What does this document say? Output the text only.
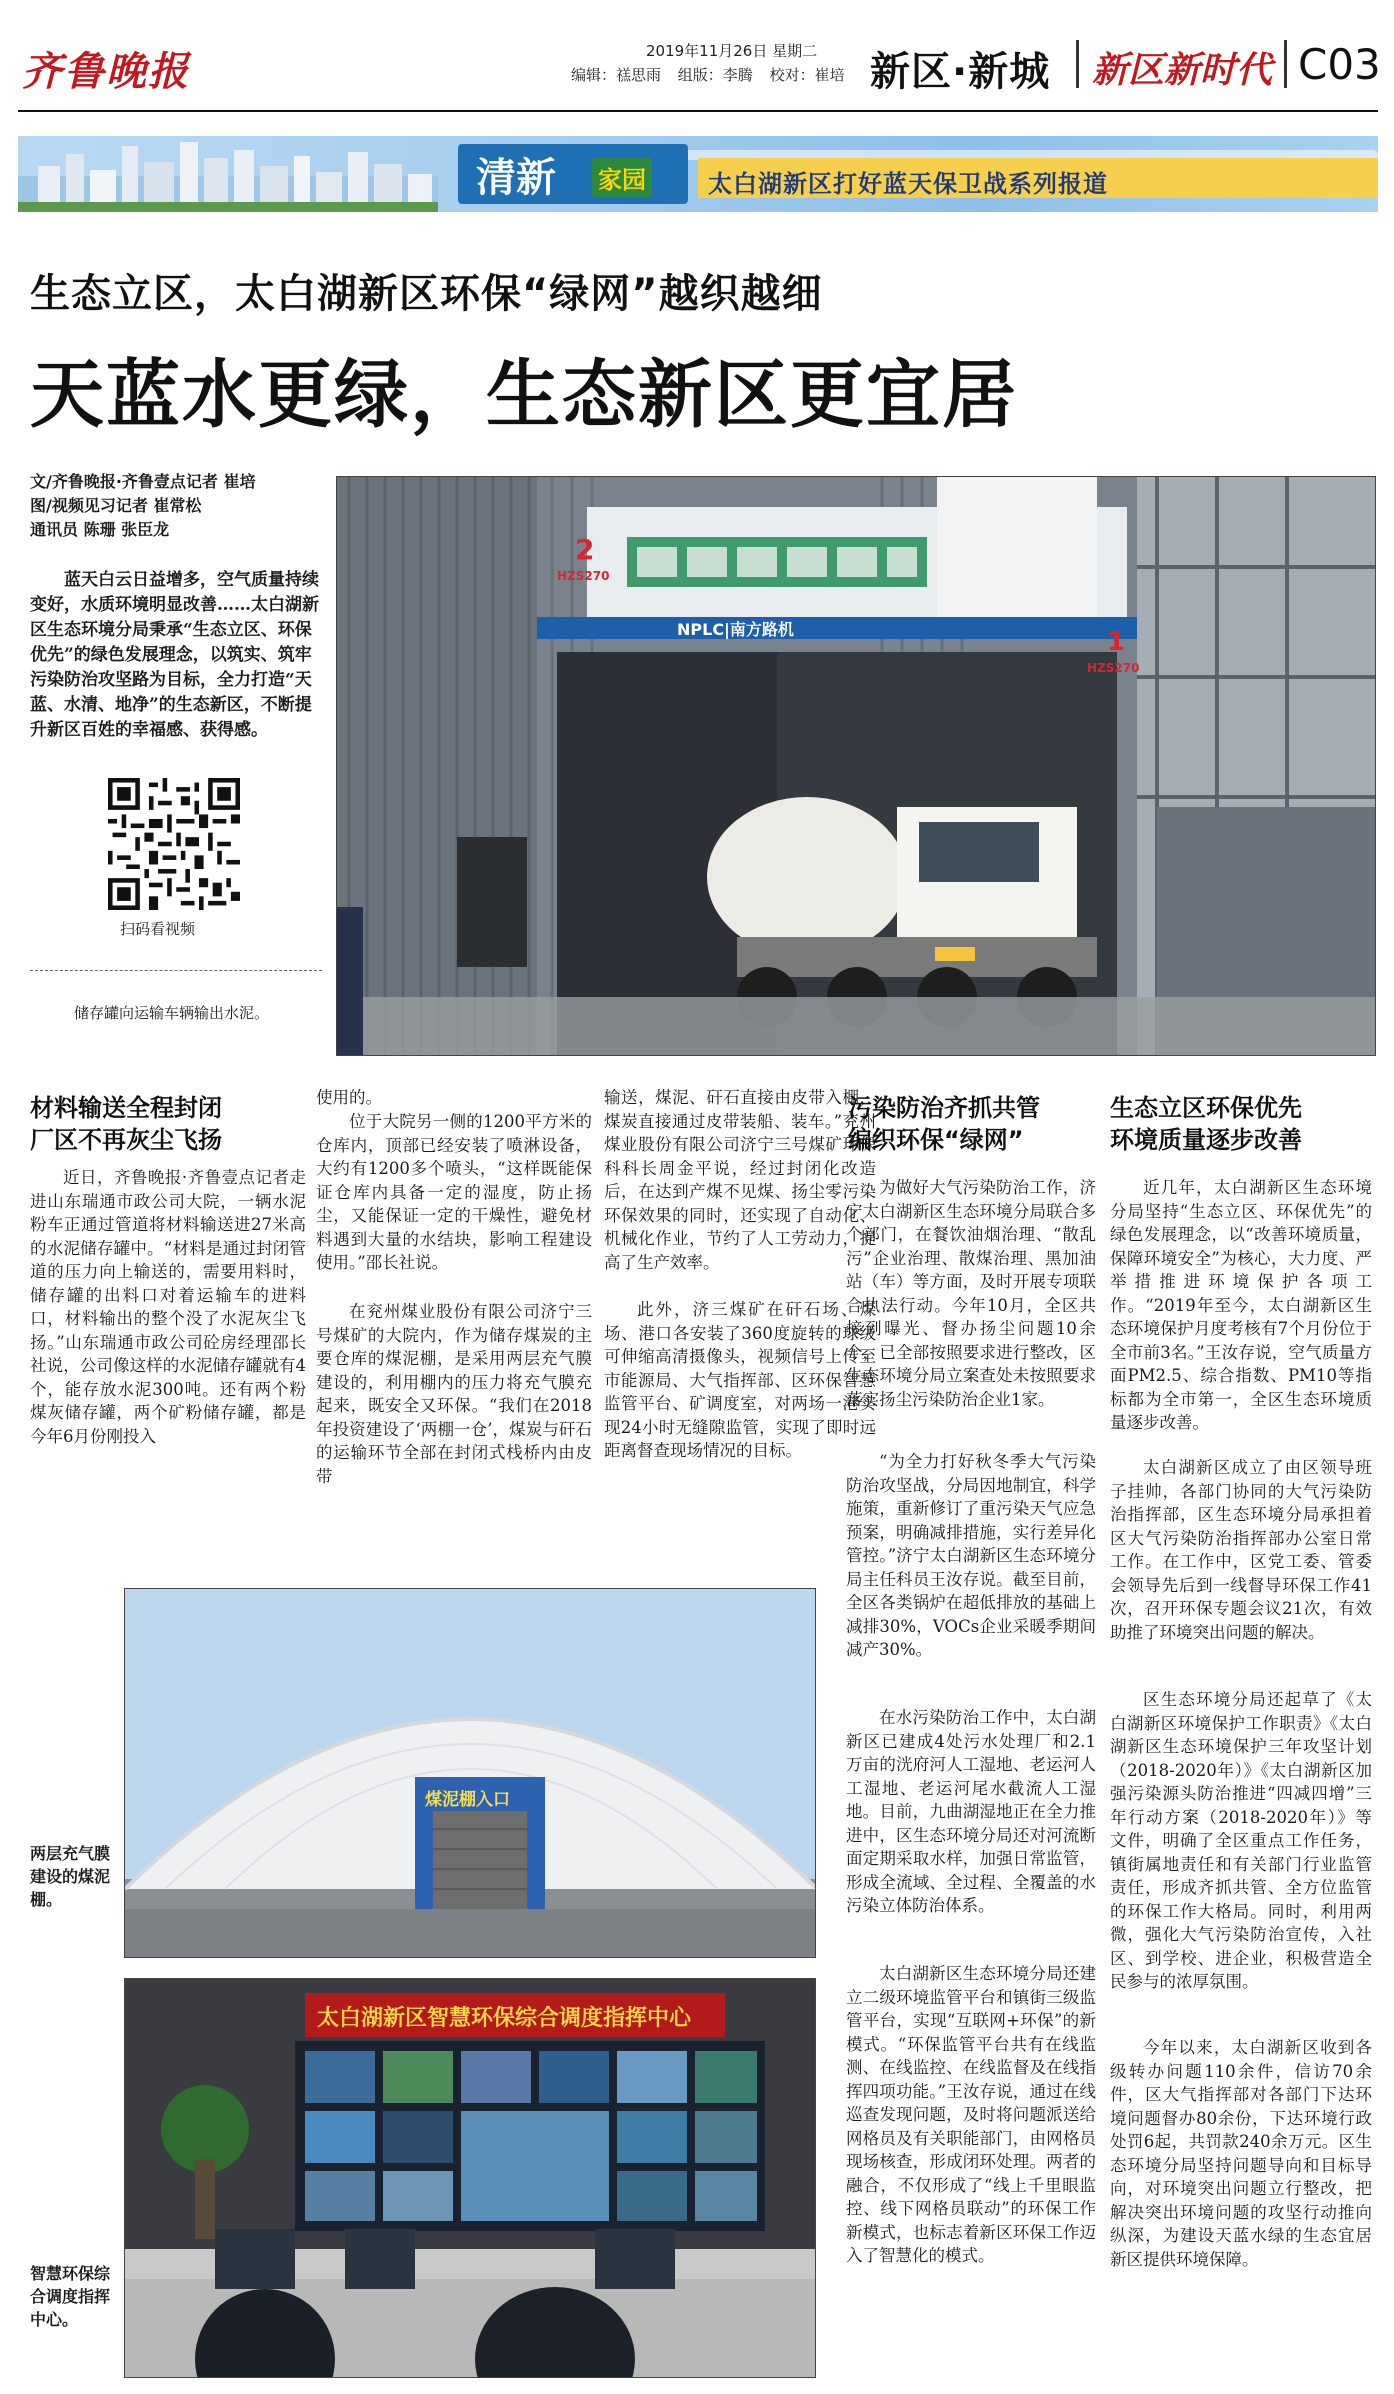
齐鲁晚报	2019年11月26日 星期二
编辑：禚思雨 组版：李腾 校对：崔培 新区·新城 新区新时代 C03
清新 家园	太白湖新区打好蓝天保卫战系列报道
生态立区，太白湖新区环保“绿网”越织越细
天蓝水更绿，生态新区更宜居
文/齐鲁晚报·齐鲁壹点记者 崔培
图/视频见习记者 崔常松
通讯员 陈珊 张臣龙
蓝天白云日益增多，空气质量持续变好，水质环境明显改善……太白湖新区生态环境分局秉承“生态立区、环保优先”的绿色发展理念，以筑实、筑牢污染防治攻坚路为目标，全力打造“天蓝、水清、地净”的生态新区，不断提升新区百姓的幸福感、获得感。
扫码看视频
储存罐向运输车辆输出水泥。
2
HZS270
1
HZS270
NPLC|南方路机
材料输送全程封闭
厂区不再灰尘飞扬
近日，齐鲁晚报·齐鲁壹点记者走进山东瑞通市政公司大院，一辆水泥粉车正通过管道将材料输送进27米高的水泥储存罐中。“材料是通过封闭管道的压力向上输送的，需要用料时，储存罐的出料口对着运输车的进料口，材料输出的整个没了水泥灰尘飞扬。”山东瑞通市政公司砼房经理邵长社说，公司像这样的水泥储存罐就有4个，能存放水泥300吨。还有两个粉煤灰储存罐，两个矿粉储存罐，都是今年6月份刚投入
使用的。
位于大院另一侧的1200平方米的仓库内，顶部已经安装了喷淋设备，大约有1200多个喷头，“这样既能保证仓库内具备一定的湿度，防止扬尘，又能保证一定的干燥性，避免材料遇到大量的水结块，影响工程建设使用。”邵长社说。
在兖州煤业股份有限公司济宁三号煤矿的大院内，作为储存煤炭的主要仓库的煤泥棚，是采用两层充气膜建设的，利用棚内的压力将充气膜充起来，既安全又环保。“我们在2018年投资建设了‘两棚一仓’，煤炭与矸石的运输环节全部在封闭式栈桥内由皮带
输送，煤泥、矸石直接由皮带入棚，煤炭直接通过皮带装船、装车。”兖州煤业股份有限公司济宁三号煤矿环保科科长周金平说，经过封闭化改造后，在达到产煤不见煤、扬尘零污染环保效果的同时，还实现了自动化、机械化作业，节约了人工劳动力，提高了生产效率。
此外，济三煤矿在矸石场、煤场、港口各安装了360度旋转的球级可伸缩高清摄像头，视频信号上传至市能源局、大气指挥部、区环保智慧监管平台、矿调度室，对两场一港实现24小时无缝隙监管，实现了即时远距离督查现场情况的目标。
煤泥棚入口
两层充气膜建设的煤泥棚。
太白湖新区智慧环保综合调度指挥中心
智慧环保综合调度指挥中心。
污染防治齐抓共管
编织环保“绿网”
为做好大气污染防治工作，济宁太白湖新区生态环境分局联合多个部门，在餐饮油烟治理、“散乱污”企业治理、散煤治理、黑加油站（车）等方面，及时开展专项联合执法行动。今年10月，全区共接到曝光、督办扬尘问题10余个，已全部按照要求进行整改，区生态环境分局立案查处未按照要求落实扬尘污染防治企业1家。
“为全力打好秋冬季大气污染防治攻坚战，分局因地制宜，科学施策，重新修订了重污染天气应急预案，明确减排措施，实行差异化管控。”济宁太白湖新区生态环境分局主任科员王汝存说。截至目前，全区各类锅炉在超低排放的基础上减排30%，VOCs企业采暖季期间减产30%。
在水污染防治工作中，太白湖新区已建成4处污水处理厂和2.1万亩的洸府河人工湿地、老运河人工湿地、老运河尾水截流人工湿地。目前，九曲湖湿地正在全力推进中，区生态环境分局还对河流断面定期采取水样，加强日常监管，形成全流域、全过程、全覆盖的水污染立体防治体系。
太白湖新区生态环境分局还建立二级环境监管平台和镇街三级监管平台，实现“互联网+环保”的新模式。“环保监管平台共有在线监测、在线监控、在线监督及在线指挥四项功能。”王汝存说，通过在线巡查发现问题，及时将问题派送给网格员及有关职能部门，由网格员现场核查，形成闭环处理。两者的融合，不仅形成了“线上千里眼监控、线下网格员联动”的环保工作新模式，也标志着新区环保工作迈入了智慧化的模式。
生态立区环保优先
环境质量逐步改善
近几年，太白湖新区生态环境分局坚持“生态立区、环保优先”的绿色发展理念，以“改善环境质量，保障环境安全”为核心，大力度、严举措推进环境保护各项工作。“2019年至今，太白湖新区生态环境保护月度考核有7个月份位于全市前3名。”王汝存说，空气质量方面PM2.5、综合指数、PM10等指标都为全市第一，全区生态环境质量逐步改善。
太白湖新区成立了由区领导班子挂帅，各部门协同的大气污染防治指挥部，区生态环境分局承担着区大气污染防治指挥部办公室日常工作。在工作中，区党工委、管委会领导先后到一线督导环保工作41次，召开环保专题会议21次，有效助推了环境突出问题的解决。
区生态环境分局还起草了《太白湖新区环境保护工作职责》《太白湖新区生态环境保护三年攻坚计划（2018-2020年）》《太白湖新区加强污染源头防治推进“四减四增”三年行动方案（2018-2020年）》等文件，明确了全区重点工作任务，镇街属地责任和有关部门行业监管责任，形成齐抓共管、全方位监管的环保工作大格局。同时，利用两微，强化大气污染防治宣传，入社区、到学校、进企业，积极营造全民参与的浓厚氛围。
今年以来，太白湖新区收到各级转办问题110余件，信访70余件，区大气指挥部对各部门下达环境问题督办80余份，下达环境行政处罚6起，共罚款240余万元。区生态环境分局坚持问题导向和目标导向，对环境突出问题立行整改，把解决突出环境问题的攻坚行动推向纵深，为建设天蓝水绿的生态宜居新区提供环境保障。
